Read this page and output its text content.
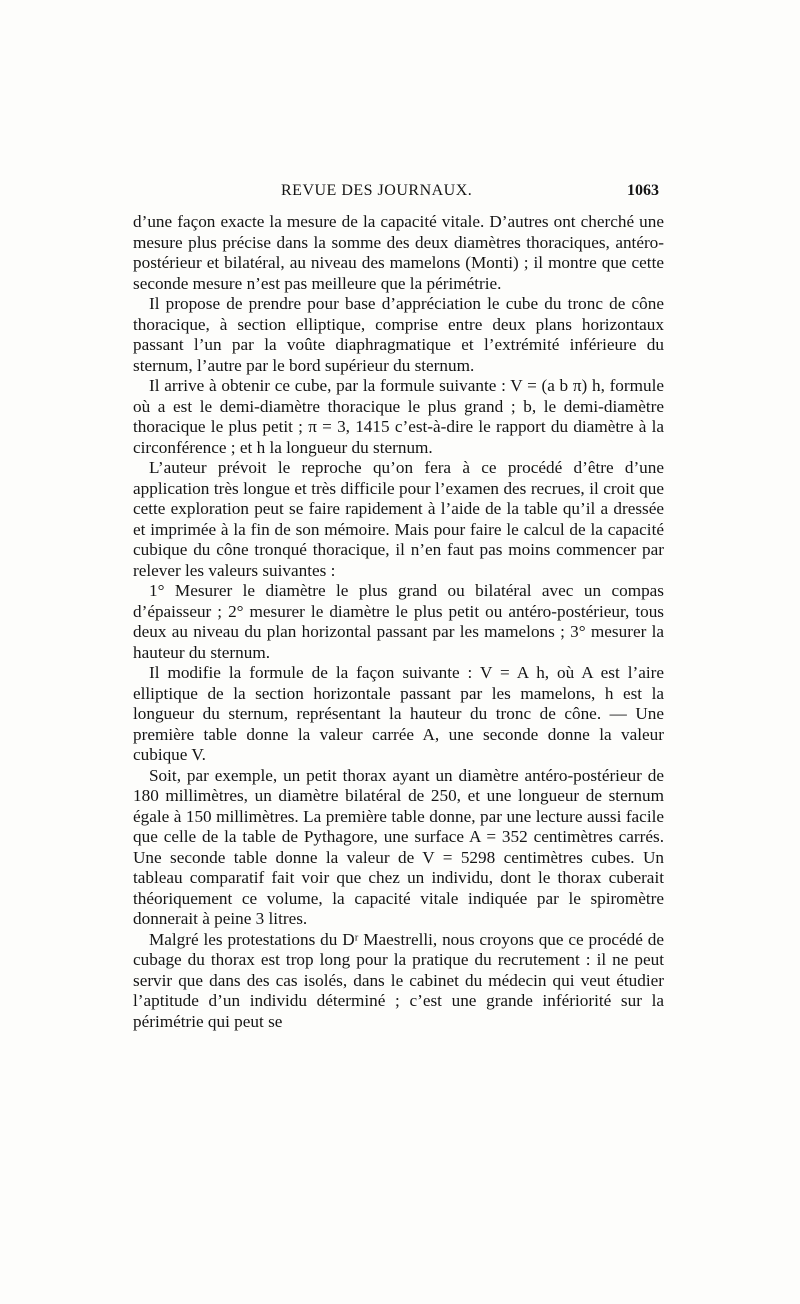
REVUE DES JOURNAUX.	1063

d’une façon exacte la mesure de la capacité vitale. D’autres ont cherché une mesure plus précise dans la somme des deux diamètres thoraciques, antéro-postérieur et bilatéral, au niveau des mamelons (Monti) ; il montre que cette seconde mesure n’est pas meilleure que la périmétrie.

Il propose de prendre pour base d’appréciation le cube du tronc de cône thoracique, à section elliptique, comprise entre deux plans horizontaux passant l’un par la voûte diaphragmatique et l’extrémité inférieure du sternum, l’autre par le bord supérieur du sternum.

Il arrive à obtenir ce cube, par la formule suivante : V = (a b π) h, formule où a est le demi-diamètre thoracique le plus grand ; b, le demi-diamètre thoracique le plus petit ; π = 3, 1415 c’est-à-dire le rapport du diamètre à la circonférence ; et h la longueur du sternum.

L’auteur prévoit le reproche qu’on fera à ce procédé d’être d’une application très longue et très difficile pour l’examen des recrues, il croit que cette exploration peut se faire rapidement à l’aide de la table qu’il a dressée et imprimée à la fin de son mémoire. Mais pour faire le calcul de la capacité cubique du cône tronqué thoracique, il n’en faut pas moins commencer par relever les valeurs suivantes :

1° Mesurer le diamètre le plus grand ou bilatéral avec un compas d’épaisseur ; 2° mesurer le diamètre le plus petit ou antéro-postérieur, tous deux au niveau du plan horizontal passant par les mamelons ; 3° mesurer la hauteur du sternum.

Il modifie la formule de la façon suivante : V = A h, où A est l’aire elliptique de la section horizontale passant par les mamelons, h est la longueur du sternum, représentant la hauteur du tronc de cône. — Une première table donne la valeur carrée A, une seconde donne la valeur cubique V.

Soit, par exemple, un petit thorax ayant un diamètre antéro-postérieur de 180 millimètres, un diamètre bilatéral de 250, et une longueur de sternum égale à 150 millimètres. La première table donne, par une lecture aussi facile que celle de la table de Pythagore, une surface A = 352 centimètres carrés. Une seconde table donne la valeur de V = 5298 centimètres cubes. Un tableau comparatif fait voir que chez un individu, dont le thorax cuberait théoriquement ce volume, la capacité vitale indiquée par le spiromètre donnerait à peine 3 litres.

Malgré les protestations du Dʳ Maestrelli, nous croyons que ce procédé de cubage du thorax est trop long pour la pratique du recrutement : il ne peut servir que dans des cas isolés, dans le cabinet du médecin qui veut étudier l’aptitude d’un individu déterminé ; c’est une grande infériorité sur la périmétrie qui peut se
